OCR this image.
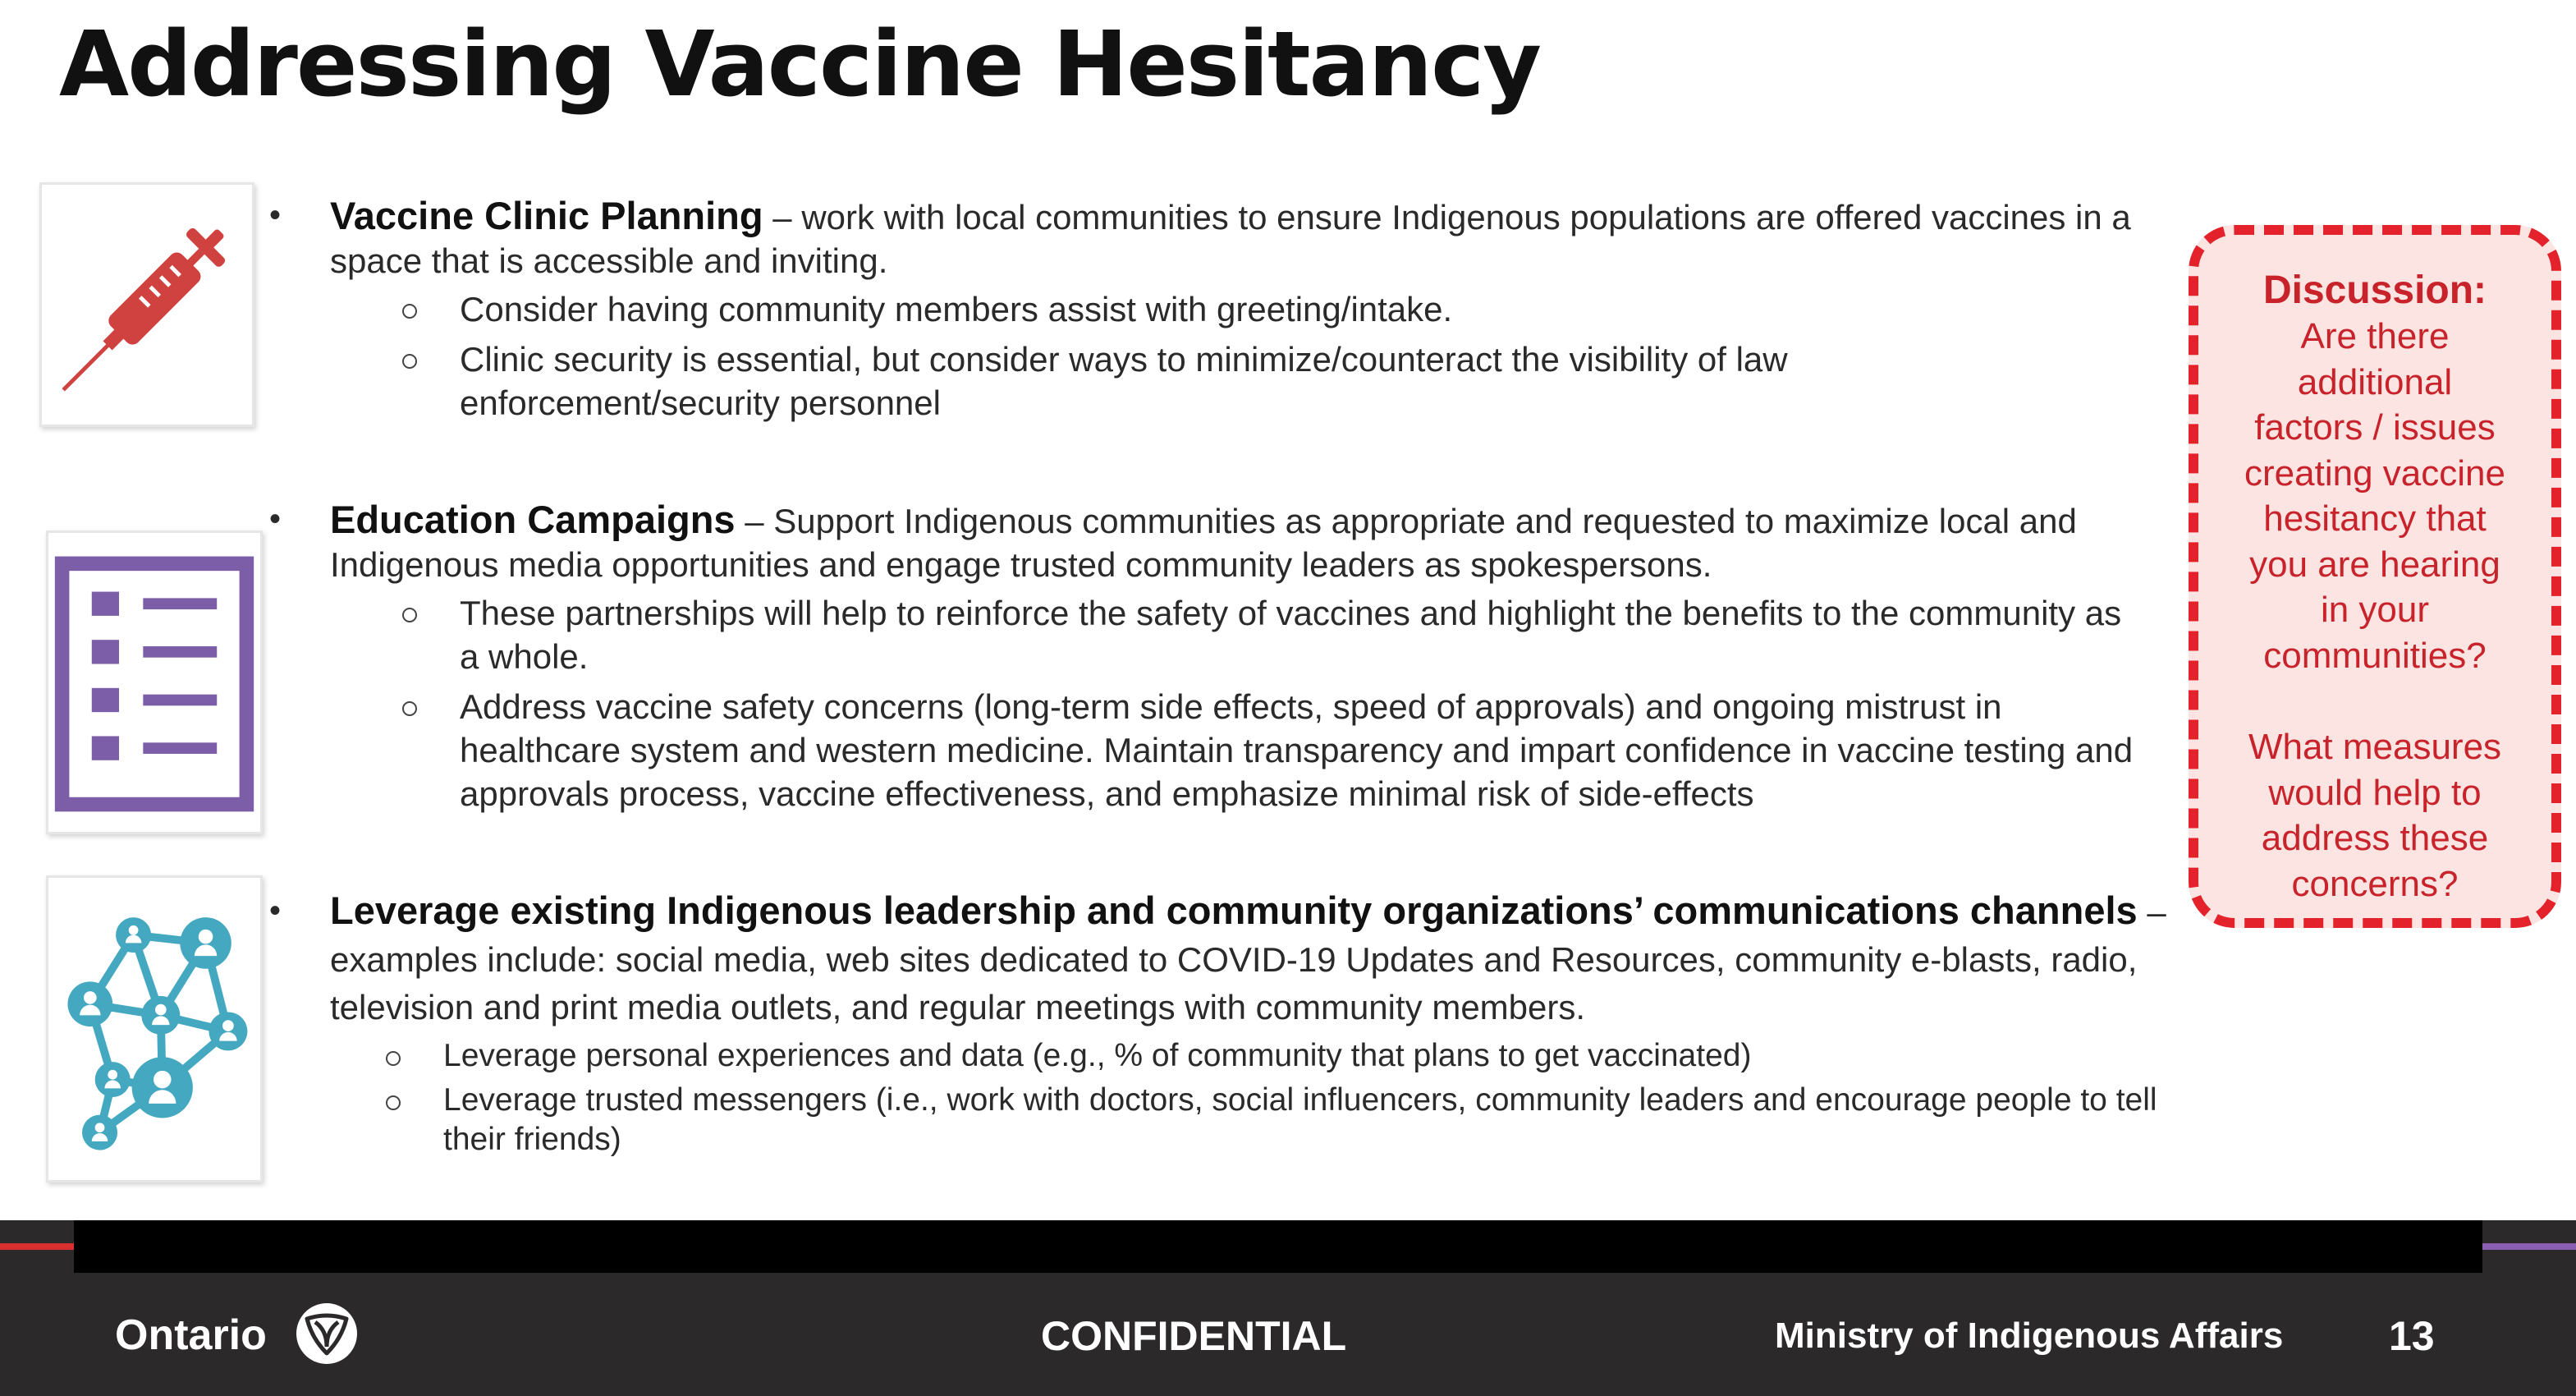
Addressing Vaccine Hesitancy
• Vaccine Clinic Planning – work with local communities to ensure Indigenous populations are offered vaccines in a space that is accessible and inviting.
Consider having community members assist with greeting/intake.
Clinic security is essential, but consider ways to minimize/counteract the visibility of law enforcement/security personnel
• Education Campaigns – Support Indigenous communities as appropriate and requested to maximize local and Indigenous media opportunities and engage trusted community leaders as spokespersons.
These partnerships will help to reinforce the safety of vaccines and highlight the benefits to the community as a whole.
Address vaccine safety concerns (long-term side effects, speed of approvals) and ongoing mistrust in healthcare system and western medicine. Maintain transparency and impart confidence in vaccine testing and approvals process, vaccine effectiveness, and emphasize minimal risk of side-effects
• Leverage existing Indigenous leadership and community organizations’ communications channels – examples include: social media, web sites dedicated to COVID-19 Updates and Resources, community e-blasts, radio, television and print media outlets, and regular meetings with community members.
Leverage personal experiences and data (e.g., % of community that plans to get vaccinated)
Leverage trusted messengers (i.e., work with doctors, social influencers, community leaders and encourage people to tell their friends)
Discussion:
Are there
additional
factors / issues
creating vaccine
hesitancy that
you are hearing
in your
communities?
What measures
would help to
address these
concerns?
Ontario	CONFIDENTIAL	Ministry of Indigenous Affairs	13
